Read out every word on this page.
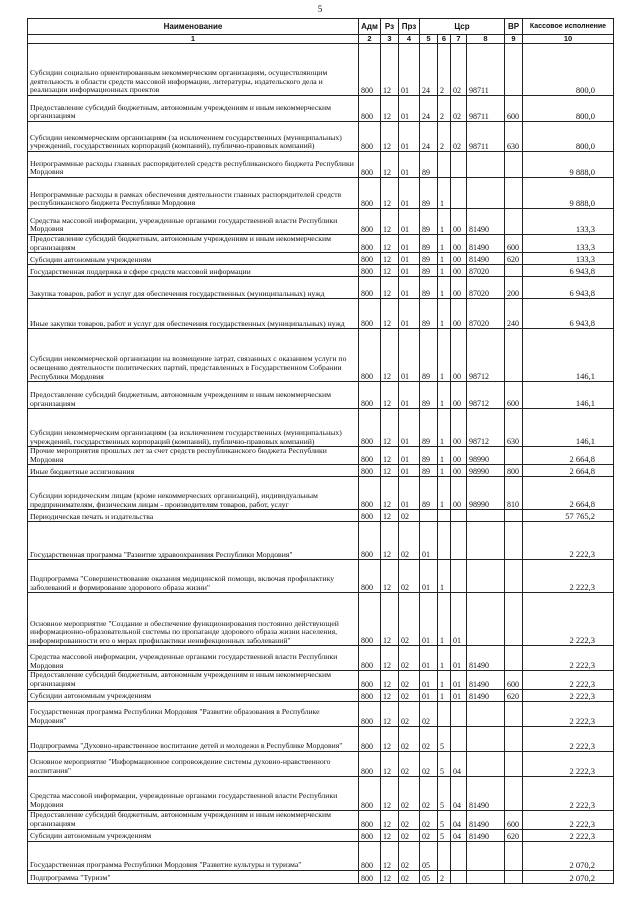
5
Наименование	Адм	Рз	Прз	Цср				ВР	Кассовое исполнение
1	2	3	4	5	6	7	8	9	10
Субсидии социально ориентированным некоммерческим организациям, осуществляющим деятельность в области средств массовой информации, литературы, издательского дела и реализации информационных проектов	800	12	01	24	2	02	98711		800,0
Предоставление субсидий бюджетным, автономным учреждениям и иным некоммерческим организациям	800	12	01	24	2	02	98711	600	800,0
Субсидии некоммерческим организациям (за исключением государственных (муниципальных) учреждений, государственных корпораций (компаний), публично-правовых компаний)	800	12	01	24	2	02	98711	630	800,0
Непрограммные расходы главных распорядителей средств республиканского бюджета Республики Мордовия	800	12	01	89					9 888,0
Непрограммные расходы в рамках обеспечения деятельности главных распорядителей средств республиканского бюджета Республики Мордовия	800	12	01	89	1				9 888,0
Средства массовой информации, учрежденные органами государственной власти Республики Мордовия	800	12	01	89	1	00	81490		133,3
Предоставление субсидий бюджетным, автономным учреждениям и иным некоммерческим организациям	800	12	01	89	1	00	81490	600	133,3
Субсидии автономным учреждениям	800	12	01	89	1	00	81490	620	133,3
Государственная поддержка в сфере средств массовой информации	800	12	01	89	1	00	87020		6 943,8
Закупка товаров, работ и услуг для обеспечения государственных (муниципальных) нужд	800	12	01	89	1	00	87020	200	6 943,8
Иные закупки товаров, работ и услуг для обеспечения государственных (муниципальных) нужд	800	12	01	89	1	00	87020	240	6 943,8
Субсидии некоммерческой организации на возмещение затрат, связанных с оказанием услуги по освещению деятельности политических партий, представленных в Государственном Собрании Республики Мордовия	800	12	01	89	1	00	98712		146,1
Предоставление субсидий бюджетным, автономным учреждениям и иным некоммерческим организациям	800	12	01	89	1	00	98712	600	146,1
Субсидии некоммерческим организациям (за исключением государственных (муниципальных) учреждений, государственных корпораций (компаний), публично-правовых компаний)	800	12	01	89	1	00	98712	630	146,1
Прочие мероприятия прошлых лет за счет средств республиканского бюджета Республики Мордовия	800	12	01	89	1	00	98990		2 664,8
Иные бюджетные ассигнования	800	12	01	89	1	00	98990	800	2 664,8
Субсидии юридическим лицам (кроме некоммерческих организаций), индивидуальным предпринимателям, физическим лицам - производителям товаров, работ, услуг	800	12	01	89	1	00	98990	810	2 664,8
Периодическая печать и издательства	800	12	02						57 765,2
Государственная программа "Развитие здравоохранения Республики Мордовия"	800	12	02	01					2 222,3
Подпрограмма "Совершенствование оказания медицинской помощи, включая профилактику заболеваний и формирование здорового образа жизни"	800	12	02	01	1				2 222,3
Основное мероприятие "Создание и обеспечение функционирования постоянно действующей информационно-образовательной системы по пропаганде здорового образа жизни населения, информированности его о мерах профилактики неинфекционных заболеваний"	800	12	02	01	1	01			2 222,3
Средства массовой информации, учрежденные органами государственной власти Республики Мордовия	800	12	02	01	1	01	81490		2 222,3
Предоставление субсидий бюджетным, автономным учреждениям и иным некоммерческим организациям	800	12	02	01	1	01	81490	600	2 222,3
Субсидии автономным учреждениям	800	12	02	01	1	01	81490	620	2 222,3
Государственная программа Республики Мордовия "Развитие образования в Республике Мордовия"	800	12	02	02					2 222,3
Подпрограмма "Духовно-нравственное воспитание детей и молодежи в Республике Мордовия"	800	12	02	02	5				2 222,3
Основное мероприятие "Информационное сопровождение системы духовно-нравственного воспитания"	800	12	02	02	5	04			2 222,3
Средства массовой информации, учрежденные органами государственной власти Республики Мордовия	800	12	02	02	5	04	81490		2 222,3
Предоставление субсидий бюджетным, автономным учреждениям и иным некоммерческим организациям	800	12	02	02	5	04	81490	600	2 222,3
Субсидии автономным учреждениям	800	12	02	02	5	04	81490	620	2 222,3
Государственная программа Республики Мордовия "Развитие культуры и туризма"	800	12	02	05					2 070,2
Подпрограмма "Туризм"	800	12	02	05	2				2 070,2
